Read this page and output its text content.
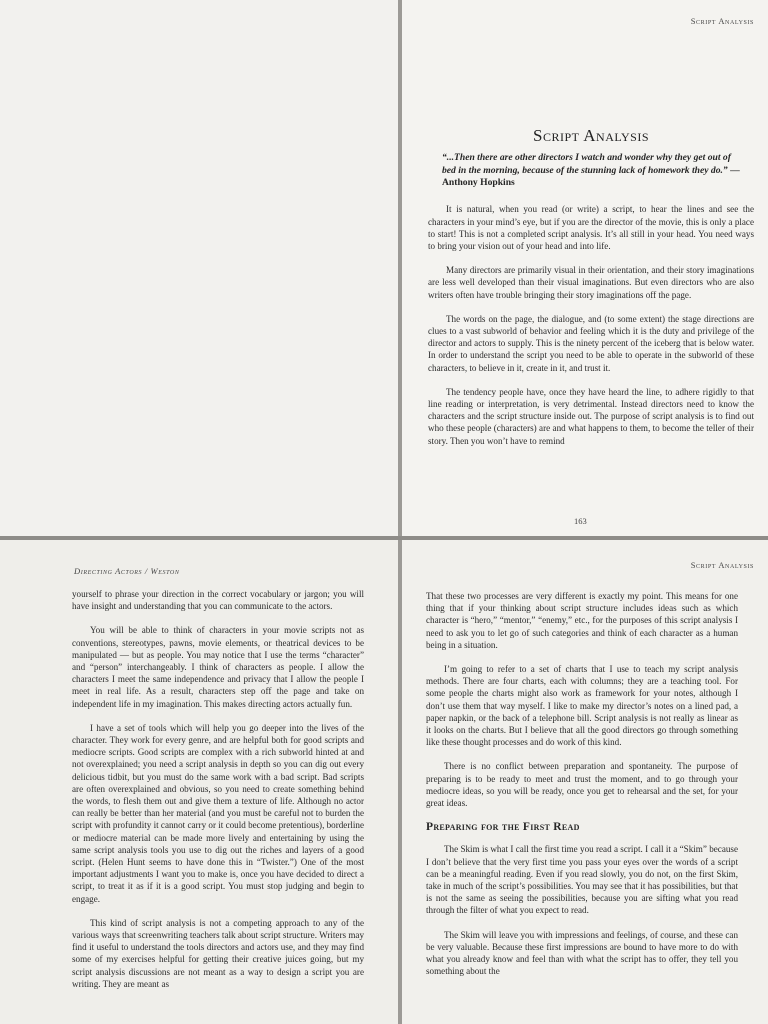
Script Analysis
Script Analysis

“...Then there are other directors I watch and wonder why they get out of bed in the morning, because of the stunning lack of homework they do.” — Anthony Hopkins

It is natural, when you read (or write) a script, to hear the lines and see the characters in your mind’s eye, but if you are the director of the movie, this is only a place to start! This is not a completed script analysis. It’s all still in your head. You need ways to bring your vision out of your head and into life.

Many directors are primarily visual in their orientation, and their story imaginations are less well developed than their visual imaginations. But even directors who are also writers often have trouble bringing their story imaginations off the page.

The words on the page, the dialogue, and (to some extent) the stage directions are clues to a vast subworld of behavior and feeling which it is the duty and privilege of the director and actors to supply. This is the ninety percent of the iceberg that is below water. In order to understand the script you need to be able to operate in the subworld of these characters, to believe in it, create in it, and trust it.

The tendency people have, once they have heard the line, to adhere rigidly to that line reading or interpretation, is very detrimental. Instead directors need to know the characters and the script structure inside out. The purpose of script analysis is to find out who these people (characters) are and what happens to them, to become the teller of their story. Then you won’t have to remind

163
Directing Actors / Weston

yourself to phrase your direction in the correct vocabulary or jargon; you will have insight and understanding that you can communicate to the actors.

You will be able to think of characters in your movie scripts not as conventions, stereotypes, pawns, movie elements, or theatrical devices to be manipulated — but as people. You may notice that I use the terms “character” and “person” interchangeably. I think of characters as people. I allow the characters I meet the same independence and privacy that I allow the people I meet in real life. As a result, characters step off the page and take on independent life in my imagination. This makes directing actors actually fun.

I have a set of tools which will help you go deeper into the lives of the character. They work for every genre, and are helpful both for good scripts and mediocre scripts. Good scripts are complex with a rich subworld hinted at and not overexplained; you need a script analysis in depth so you can dig out every delicious tidbit, but you must do the same work with a bad script. Bad scripts are often overexplained and obvious, so you need to create something behind the words, to flesh them out and give them a texture of life. Although no actor can really be better than her material (and you must be careful not to burden the script with profundity it cannot carry or it could become pretentious), borderline or mediocre material can be made more lively and entertaining by using the same script analysis tools you use to dig out the riches and layers of a good script. (Helen Hunt seems to have done this in “Twister.”) One of the most important adjustments I want you to make is, once you have decided to direct a script, to treat it as if it is a good script. You must stop judging and begin to engage.

This kind of script analysis is not a competing approach to any of the various ways that screenwriting teachers talk about script structure. Writers may find it useful to understand the tools directors and actors use, and they may find some of my exercises helpful for getting their creative juices going, but my script analysis discussions are not meant as a way to design a script you are writing. They are meant as

Script Analysis

That these two processes are very different is exactly my point. This means for one thing that if your thinking about script structure includes ideas such as which character is “hero,” “mentor,” “enemy,” etc., for the purposes of this script analysis I need to ask you to let go of such categories and think of each character as a human being in a situation.

I’m going to refer to a set of charts that I use to teach my script analysis methods. There are four charts, each with columns; they are a teaching tool. For some people the charts might also work as framework for your notes, although I don’t use them that way myself. I like to make my director’s notes on a lined pad, a paper napkin, or the back of a telephone bill. Script analysis is not really as linear as it looks on the charts. But I believe that all the good directors go through something like these thought processes and do work of this kind.

There is no conflict between preparation and spontaneity. The purpose of preparing is to be ready to meet and trust the moment, and to go through your mediocre ideas, so you will be ready, once you get to rehearsal and the set, for your great ideas.

Preparing for the First Read

The Skim is what I call the first time you read a script. I call it a “Skim” because I don’t believe that the very first time you pass your eyes over the words of a script can be a meaningful reading. Even if you read slowly, you do not, on the first Skim, take in much of the script’s possibilities. You may see that it has possibilities, but that is not the same as seeing the possibilities, because you are sifting what you read through the filter of what you expect to read.

The Skim will leave you with impressions and feelings, of course, and these can be very valuable. Because these first impressions are bound to have more to do with what you already know and feel than with what the script has to offer, they tell you something about the
